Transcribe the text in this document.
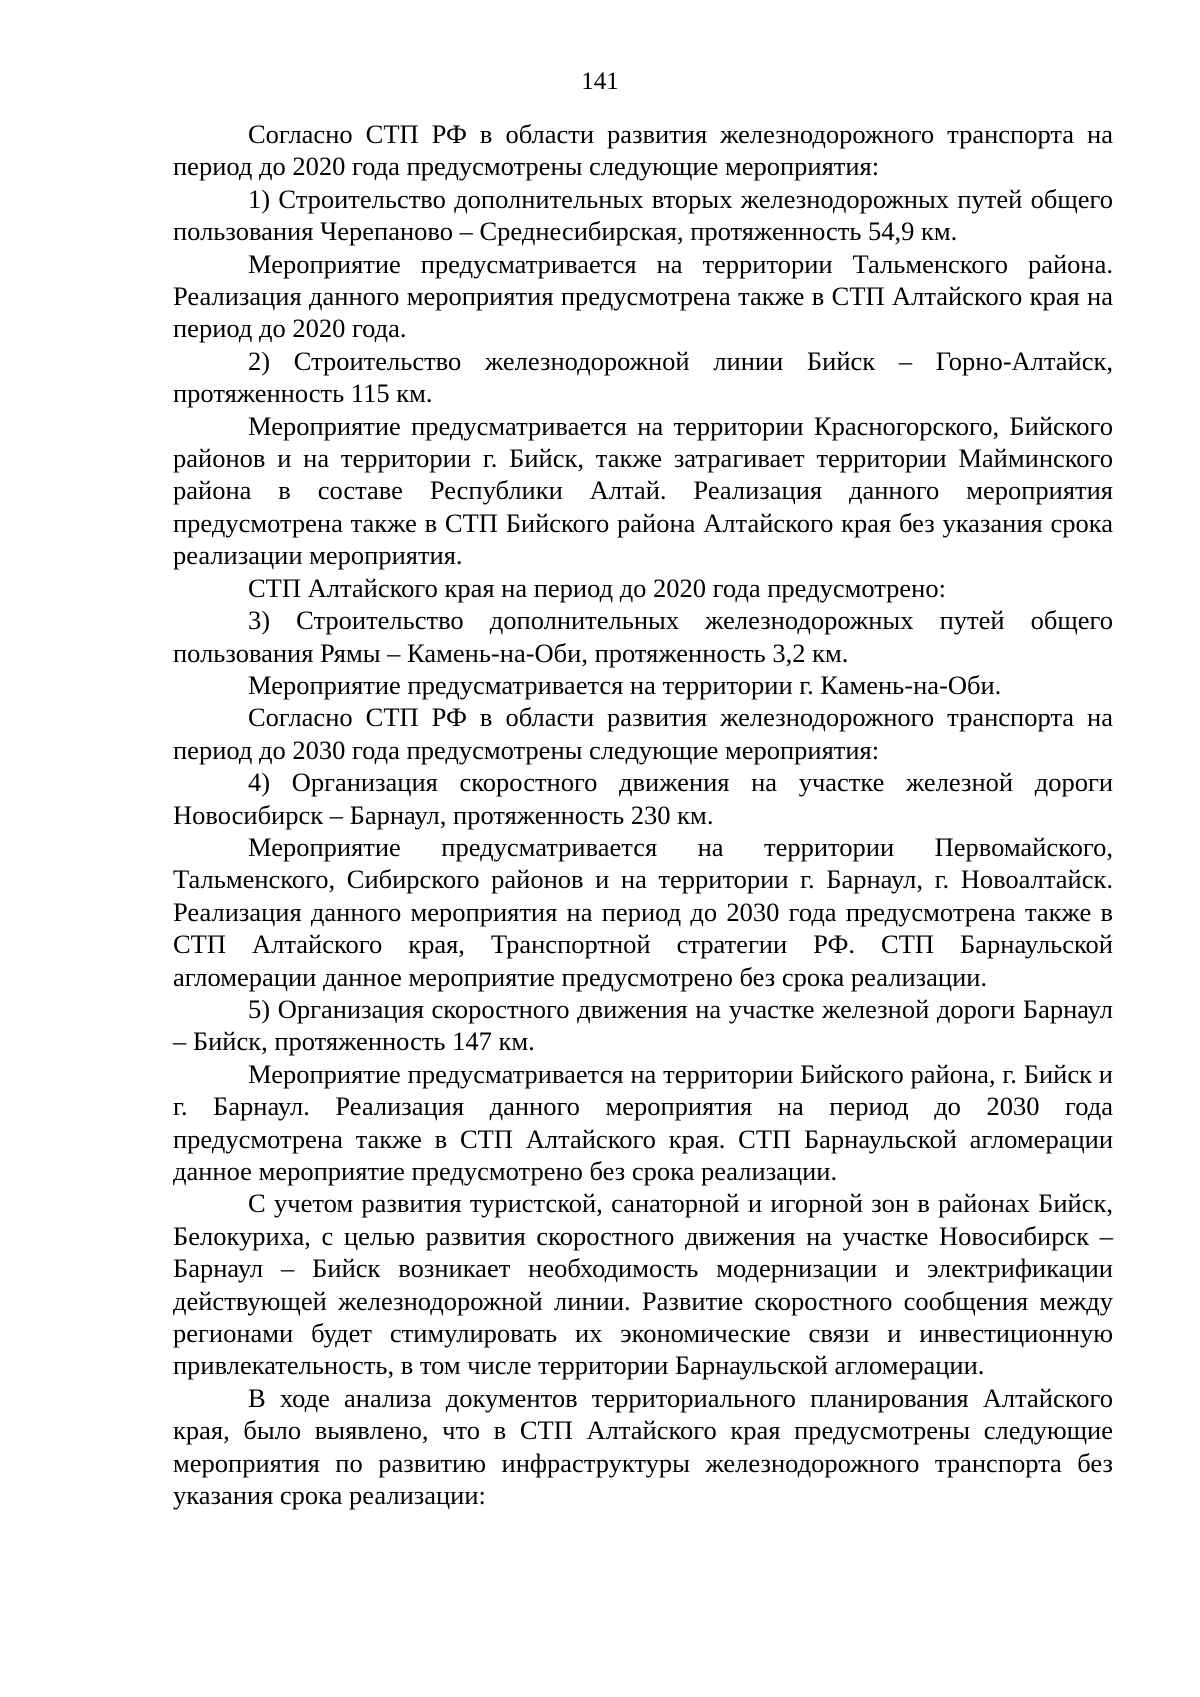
141

Согласно СТП РФ в области развития железнодорожного транспорта на период до 2020 года предусмотрены следующие мероприятия:

1) Строительство дополнительных вторых железнодорожных путей общего пользования Черепаново – Среднесибирская, протяженность 54,9 км.

Мероприятие предусматривается на территории Тальменского района. Реализация данного мероприятия предусмотрена также в СТП Алтайского края на период до 2020 года.

2) Строительство железнодорожной линии Бийск – Горно-Алтайск, протяженность 115 км.

Мероприятие предусматривается на территории Красногорского, Бийского районов и на территории г. Бийск, также затрагивает территории Майминского района в составе Республики Алтай. Реализация данного мероприятия предусмотрена также в СТП Бийского района Алтайского края без указания срока реализации мероприятия.

СТП Алтайского края на период до 2020 года предусмотрено:

3) Строительство дополнительных железнодорожных путей общего пользования Рямы – Камень-на-Оби, протяженность 3,2 км.

Мероприятие предусматривается на территории г. Камень-на-Оби.

Согласно СТП РФ в области развития железнодорожного транспорта на период до 2030 года предусмотрены следующие мероприятия:

4) Организация скоростного движения на участке железной дороги Новосибирск – Барнаул, протяженность 230 км.

Мероприятие предусматривается на территории Первомайского, Тальменского, Сибирского районов и на территории г. Барнаул, г. Новоалтайск. Реализация данного мероприятия на период до 2030 года предусмотрена также в СТП Алтайского края, Транспортной стратегии РФ. СТП Барнаульской агломерации данное мероприятие предусмотрено без срока реализации.

5) Организация скоростного движения на участке железной дороги Барнаул – Бийск, протяженность 147 км.

Мероприятие предусматривается на территории Бийского района, г. Бийск и г. Барнаул. Реализация данного мероприятия на период до 2030 года предусмотрена также в СТП Алтайского края. СТП Барнаульской агломерации данное мероприятие предусмотрено без срока реализации.

С учетом развития туристской, санаторной и игорной зон в районах Бийск, Белокуриха, с целью развития скоростного движения на участке Новосибирск – Барнаул – Бийск возникает необходимость модернизации и электрификации действующей железнодорожной линии. Развитие скоростного сообщения между регионами будет стимулировать их экономические связи и инвестиционную привлекательность, в том числе территории Барнаульской агломерации.

В ходе анализа документов территориального планирования Алтайского края, было выявлено, что в СТП Алтайского края предусмотрены следующие мероприятия по развитию инфраструктуры железнодорожного транспорта без указания срока реализации:
